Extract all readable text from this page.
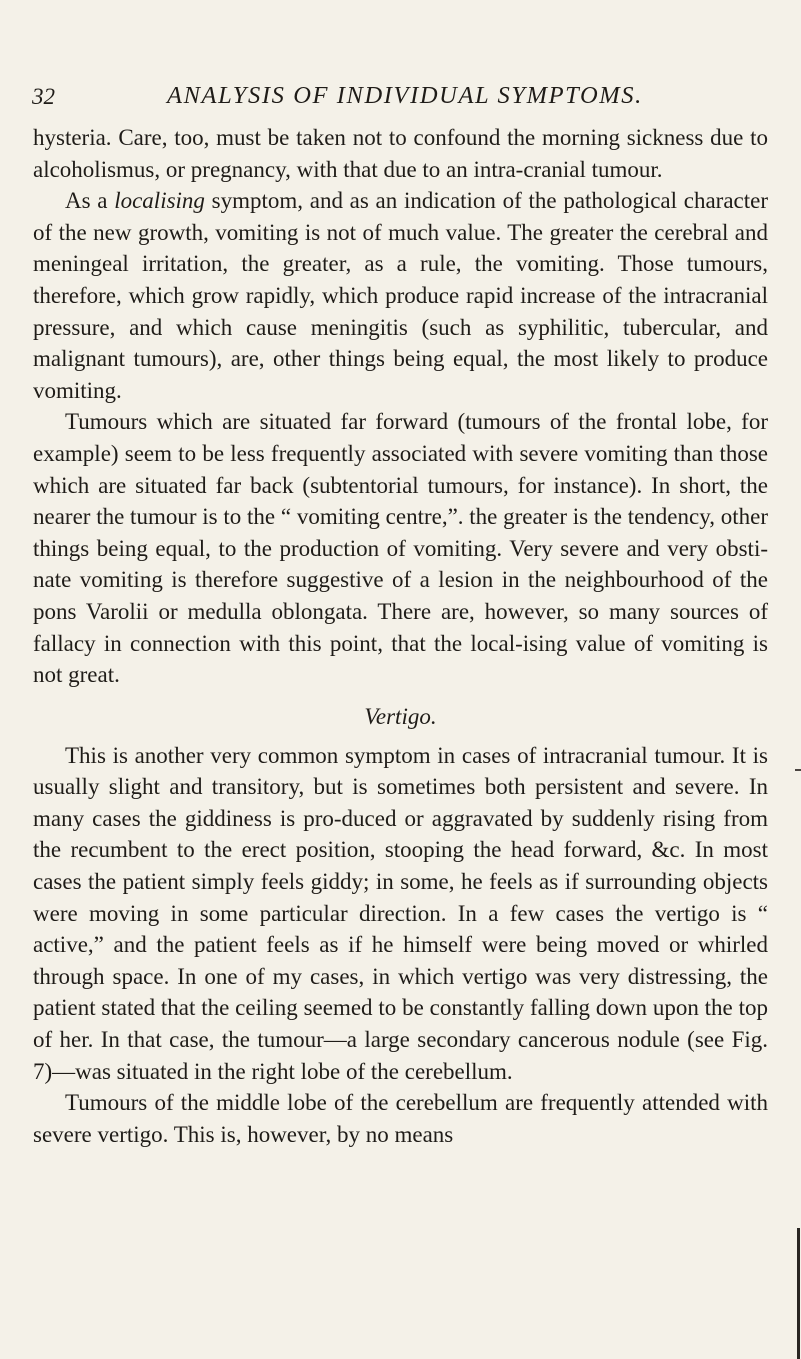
32	ANALYSIS OF INDIVIDUAL SYMPTOMS.

hysteria. Care, too, must be taken not to confound the morning sickness due to alcoholismus, or pregnancy, with that due to an intra-cranial tumour.

As a localising symptom, and as an indication of the pathological character of the new growth, vomiting is not of much value. The greater the cerebral and meningeal irritation, the greater, as a rule, the vomiting. Those tumours, therefore, which grow rapidly, which produce rapid increase of the intracranial pressure, and which cause meningitis (such as syphilitic, tubercular, and malignant tumours), are, other things being equal, the most likely to produce vomiting.

Tumours which are situated far forward (tumours of the frontal lobe, for example) seem to be less frequently associated with severe vomiting than those which are situated far back (subtentorial tumours, for instance). In short, the nearer the tumour is to the “ vomiting centre,”. the greater is the tendency, other things being equal, to the production of vomiting. Very severe and very obsti-nate vomiting is therefore suggestive of a lesion in the neighbourhood of the pons Varolii or medulla oblongata. There are, however, so many sources of fallacy in connection with this point, that the local-ising value of vomiting is not great.

Vertigo.

This is another very common symptom in cases of intracranial tumour. It is usually slight and transitory, but is sometimes both persistent and severe. In many cases the giddiness is pro-duced or aggravated by suddenly rising from the recumbent to the erect position, stooping the head forward, &c. In most cases the patient simply feels giddy; in some, he feels as if surrounding objects were moving in some particular direction. In a few cases the vertigo is “ active,” and the patient feels as if he himself were being moved or whirled through space. In one of my cases, in which vertigo was very distressing, the patient stated that the ceiling seemed to be constantly falling down upon the top of her. In that case, the tumour—a large secondary cancerous nodule (see Fig. 7)—was situated in the right lobe of the cerebellum.

Tumours of the middle lobe of the cerebellum are frequently attended with severe vertigo. This is, however, by no means
